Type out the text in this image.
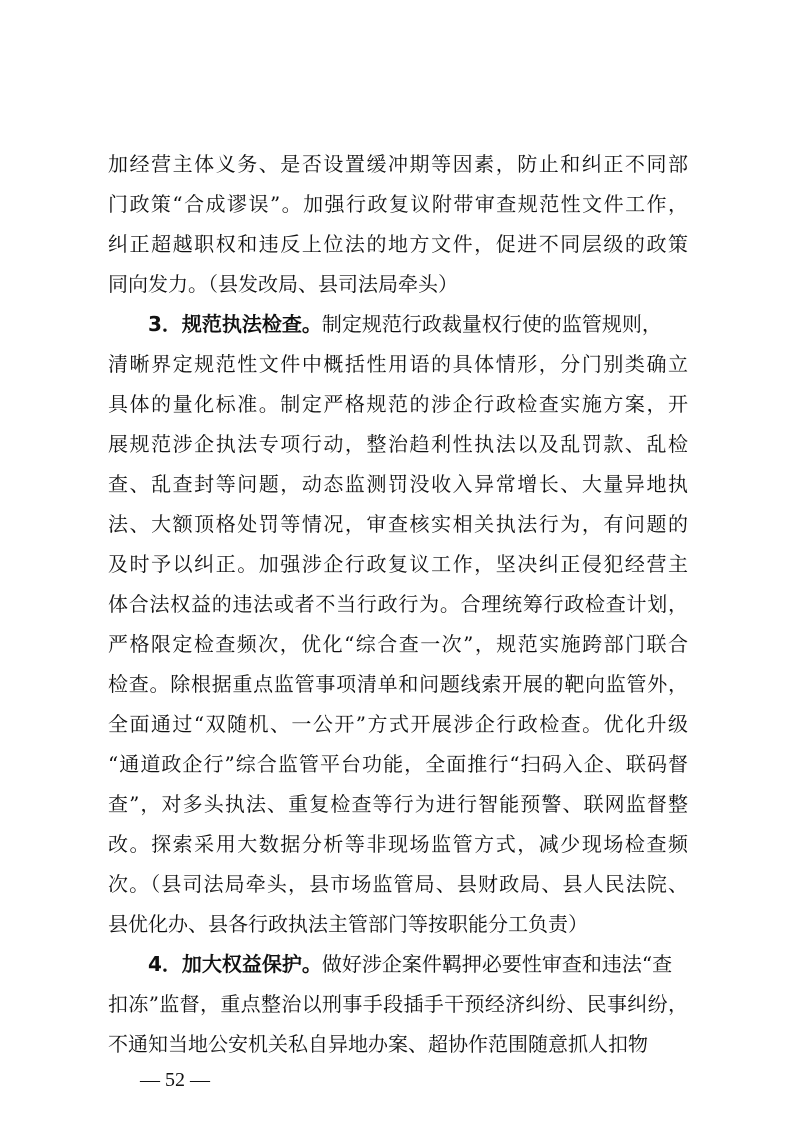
加经营主体义务、是否设置缓冲期等因素，防止和纠正不同部
门政策“合成谬误”。加强行政复议附带审查规范性文件工作，
纠正超越职权和违反上位法的地方文件，促进不同层级的政策
同向发力。（县发改局、县司法局牵头）
3．规范执法检查。制定规范行政裁量权行使的监管规则，
清晰界定规范性文件中概括性用语的具体情形，分门别类确立
具体的量化标准。制定严格规范的涉企行政检查实施方案，开
展规范涉企执法专项行动，整治趋利性执法以及乱罚款、乱检
查、乱查封等问题，动态监测罚没收入异常增长、大量异地执
法、大额顶格处罚等情况，审查核实相关执法行为，有问题的
及时予以纠正。加强涉企行政复议工作，坚决纠正侵犯经营主
体合法权益的违法或者不当行政行为。合理统筹行政检查计划，
严格限定检查频次，优化“综合查一次”，规范实施跨部门联合
检查。除根据重点监管事项清单和问题线索开展的靶向监管外，
全面通过“双随机、一公开”方式开展涉企行政检查。优化升级
“通道政企行”综合监管平台功能，全面推行“扫码入企、联码督
查”，对多头执法、重复检查等行为进行智能预警、联网监督整
改。探索采用大数据分析等非现场监管方式，减少现场检查频
次。（县司法局牵头，县市场监管局、县财政局、县人民法院、
县优化办、县各行政执法主管部门等按职能分工负责）
4．加大权益保护。做好涉企案件羁押必要性审查和违法“查
扣冻”监督，重点整治以刑事手段插手干预经济纠纷、民事纠纷，
不通知当地公安机关私自异地办案、超协作范围随意抓人扣物
— 52 —
